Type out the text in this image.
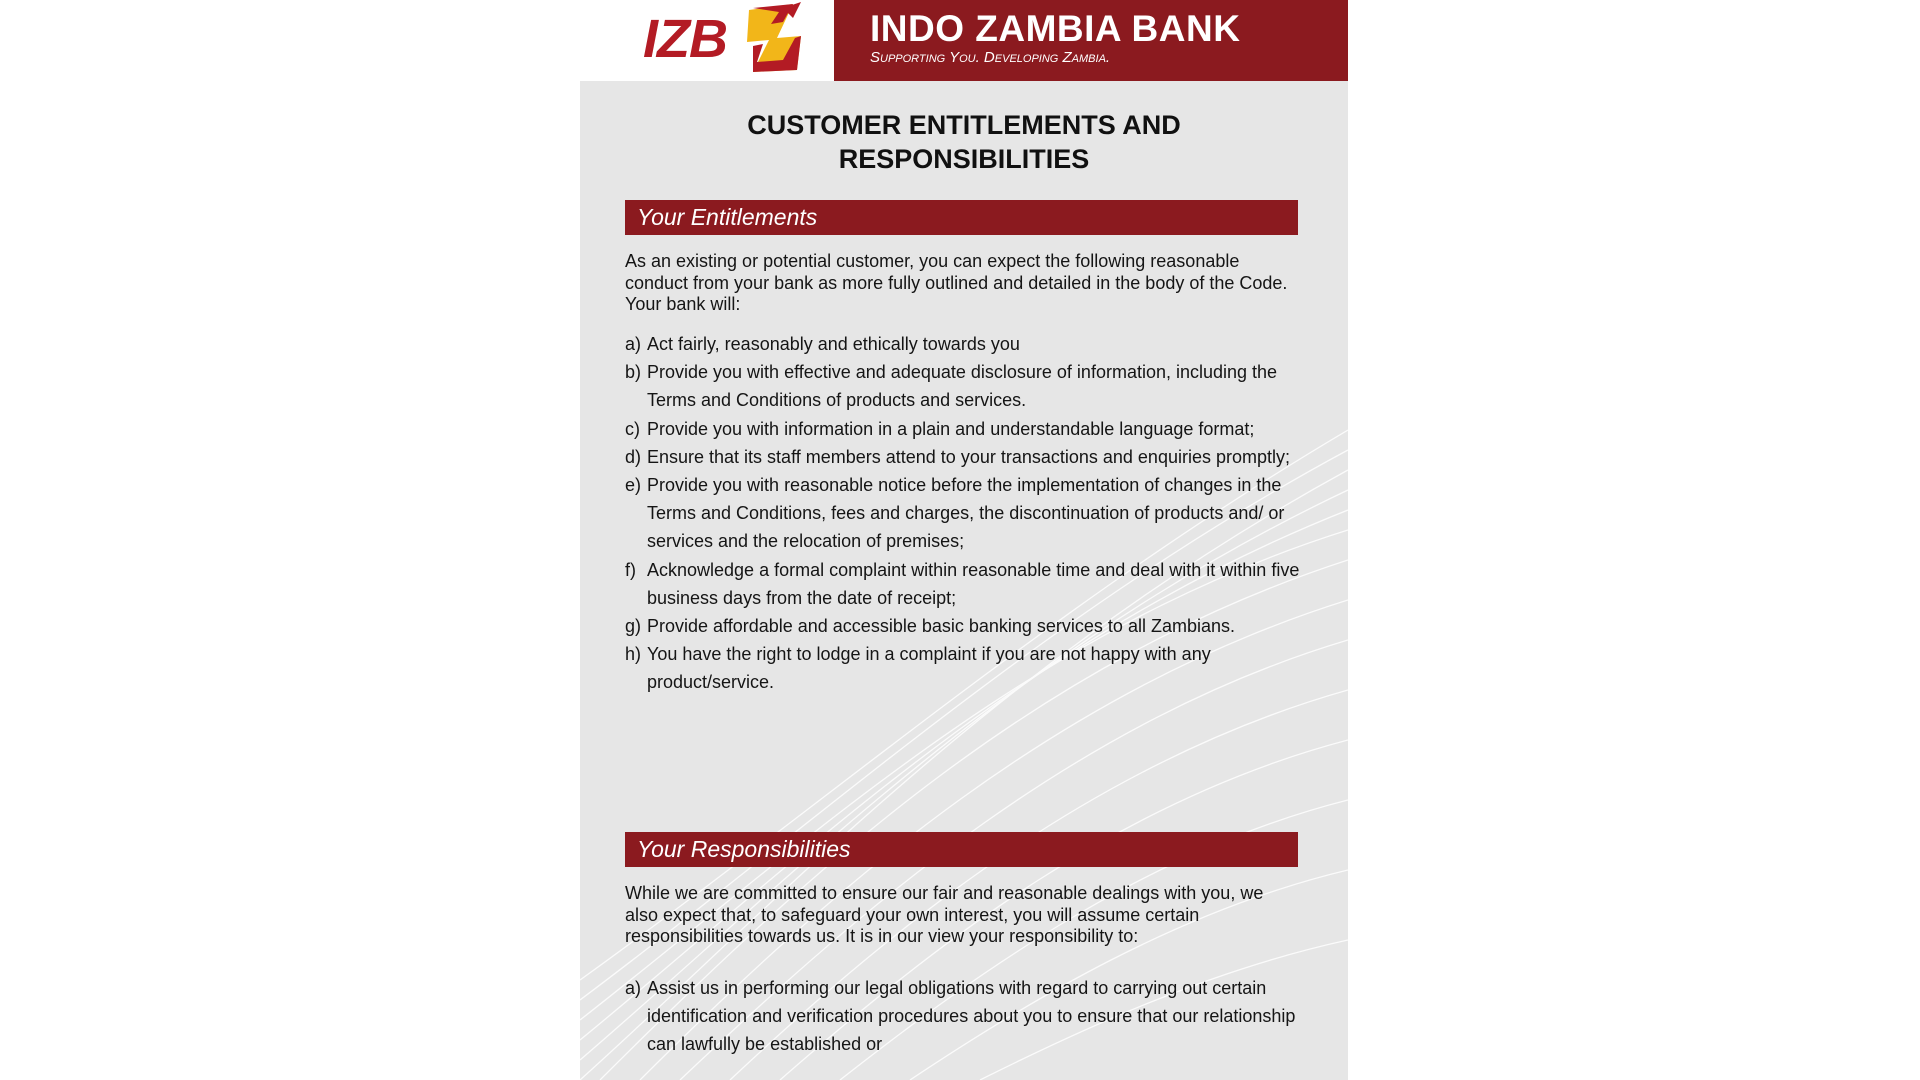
IZB	INDO ZAMBIA BANK
Supporting You. Developing Zambia.
CUSTOMER ENTITLEMENTS AND
RESPONSIBILITIES
Your Entitlements
As an existing or potential customer, you can expect the following reasonable conduct from your bank as more fully outlined and detailed in the body of the Code. Your bank will:
a) Act fairly, reasonably and ethically towards you
b) Provide you with effective and adequate disclosure of information, including the Terms and Conditions of products and services.
c) Provide you with information in a plain and understandable language format;
d) Ensure that its staff members attend to your transactions and enquiries promptly;
e) Provide you with reasonable notice before the implementation of changes in the Terms and Conditions, fees and charges, the discontinuation of products and/ or services and the relocation of premises;
f) Acknowledge a formal complaint within reasonable time and deal with it within five business days from the date of receipt;
g) Provide affordable and accessible basic banking services to all Zambians.
h) You have the right to lodge in a complaint if you are not happy with any product/service.
Your Responsibilities
While we are committed to ensure our fair and reasonable dealings with you, we also expect that, to safeguard your own interest, you will assume certain responsibilities towards us. It is in our view your responsibility to:
a) Assist us in performing our legal obligations with regard to carrying out certain identification and verification procedures about you to ensure that our relationship can lawfully be established or
